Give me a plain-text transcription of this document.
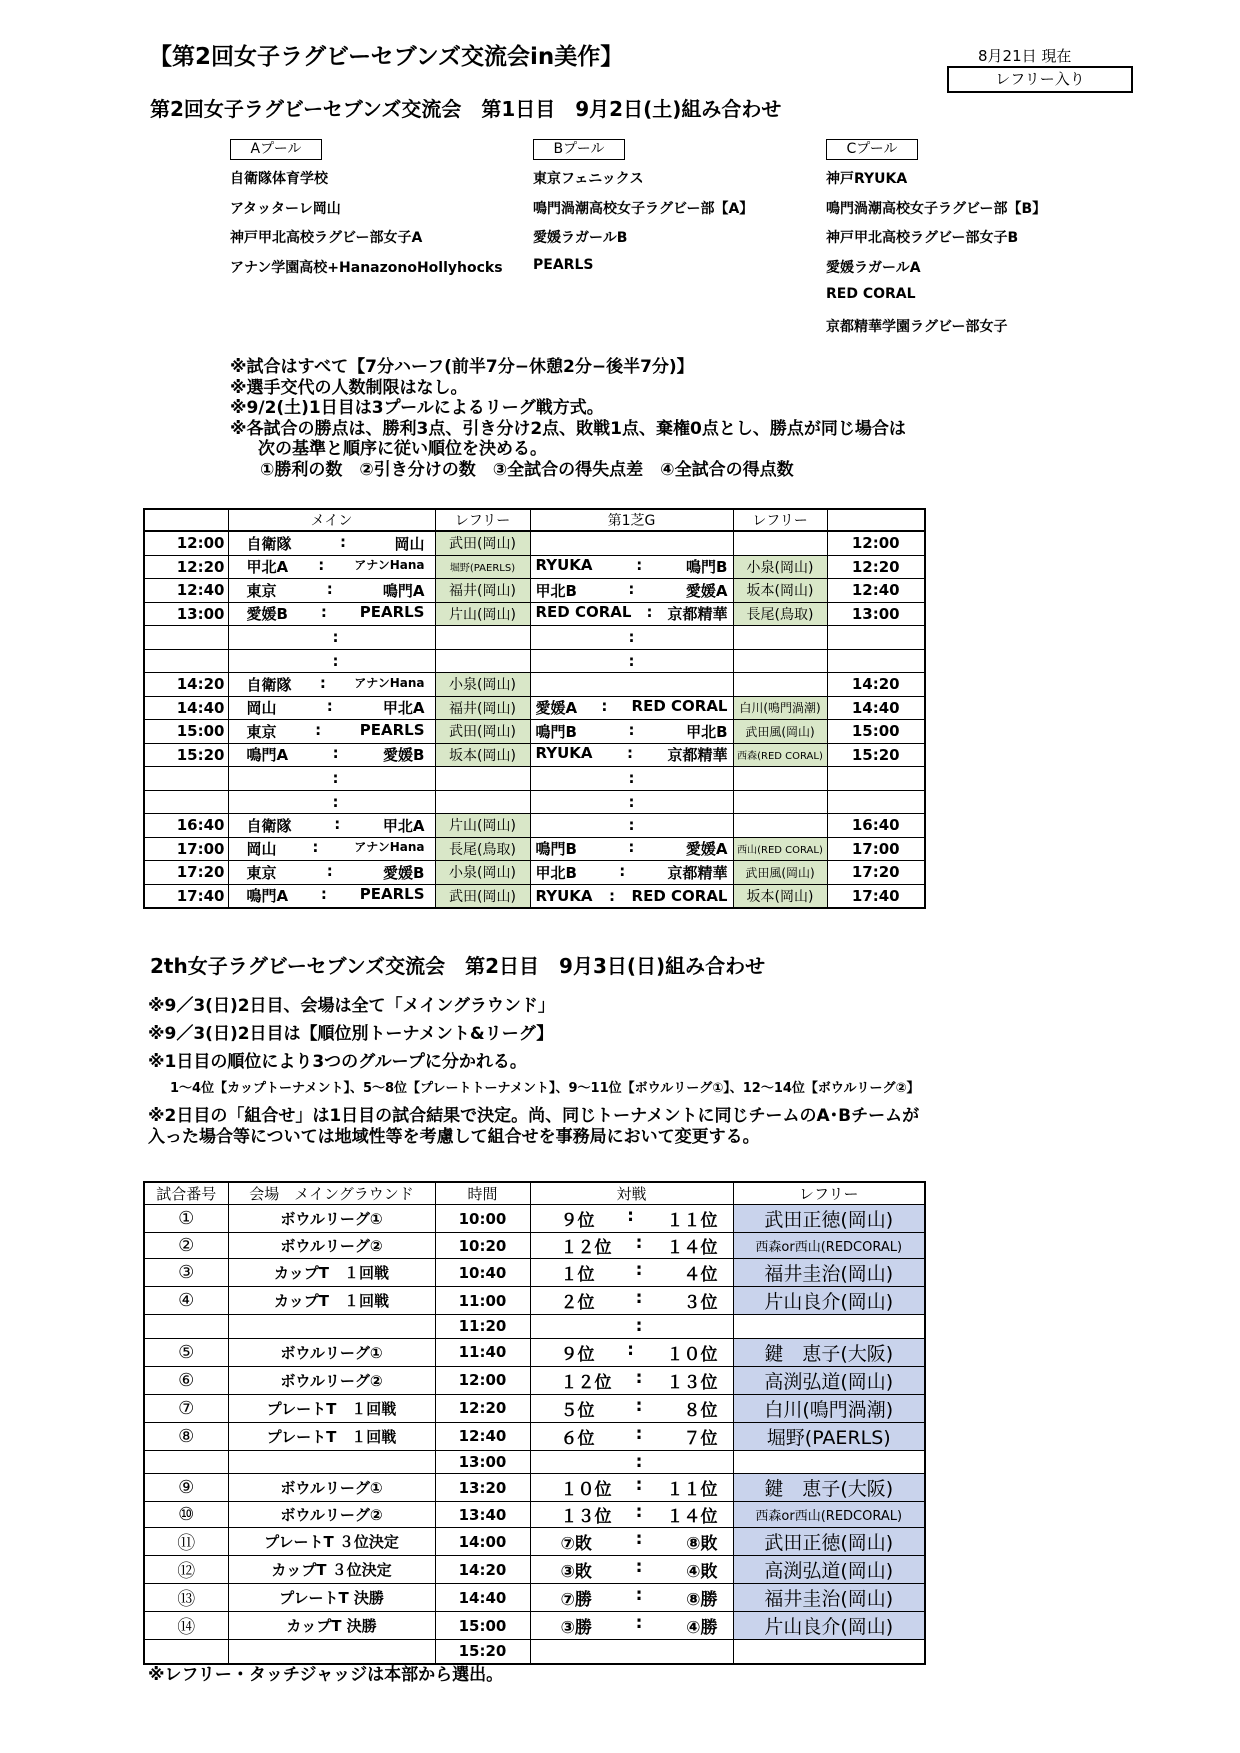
【第2回女子ラグビーセブンズ交流会in美作】	8月21日 現在
レフリー入り
第2回女子ラグビーセブンズ交流会　第1日目　9月2日(土)組み合わせ
Aプール
自衛隊体育学校
アタッターレ岡山
神戸甲北高校ラグビー部女子A
アナン学園高校+HanazonoHollyhocks
Bプール
東京フェニックス
鳴門渦潮高校女子ラグビー部【A】
愛媛ラガールB
PEARLS
Cプール
神戸RYUKA
鳴門渦潮高校女子ラグビー部【B】
神戸甲北高校ラグビー部女子B
愛媛ラガールA
RED CORAL
京都精華学園ラグビー部女子
※試合はすべて【7分ハーフ(前半7分−休憩2分−後半7分)】
※選手交代の人数制限はなし。
※9/2(土)1日目は3プールによるリーグ戦方式。
※各試合の勝点は、勝利3点、引き分け2点、敗戦1点、棄権0点とし、勝点が同じ場合は
次の基準と順序に従い順位を決める。
①勝利の数　②引き分けの数　③全試合の得失点差　④全試合の得点数
	メイン	レフリー	第1芝G	レフリー	
12:00	自衛隊 : 岡山	武田(岡山)			12:00
12:20	甲北A : アナンHana	堀野(PAERLS)	RYUKA : 鳴門B	小泉(岡山)	12:20
12:40	東京 : 鳴門A	福井(岡山)	甲北B : 愛媛A	坂本(岡山)	12:40
13:00	愛媛B : PEARLS	片山(岡山)	RED CORAL : 京都精華	長尾(鳥取)	13:00

	:		:		

	:		:		

14:20	自衛隊 : アナンHana	小泉(岡山)			14:20
14:40	岡山 : 甲北A	福井(岡山)	愛媛A : RED CORAL	白川(鳴門渦潮)	14:40
15:00	東京 : PEARLS	武田(岡山)	鳴門B : 甲北B	武田風(岡山)	15:00
15:20	鳴門A : 愛媛B	坂本(岡山)	RYUKA : 京都精華	西森(RED CORAL)	15:20

	:		:		

	:		:		

16:40	自衛隊 : 甲北A	片山(岡山)	:		16:40
17:00	岡山 : アナンHana	長尾(鳥取)	鳴門B : 愛媛A	西山(RED CORAL)	17:00
17:20	東京 : 愛媛B	小泉(岡山)	甲北B : 京都精華	武田風(岡山)	17:20
17:40	鳴門A : PEARLS	武田(岡山)	RYUKA : RED CORAL	坂本(岡山)	17:40
2th女子ラグビーセブンズ交流会　第2日目　9月3日(日)組み合わせ
※9／3(日)2日目、会場は全て「メイングラウンド」
※9／3(日)2日目は【順位別トーナメント&リーグ】
※1日目の順位により3つのグループに分かれる。
1～4位【カップトーナメント】、5～8位【プレートトーナメント】、9～11位【ボウルリーグ①】、12～14位【ボウルリーグ②】
※2日目の「組合せ」は1日目の試合結果で決定。尚、同じトーナメントに同じチームのA･Bチームが
入った場合等については地域性等を考慮して組合せを事務局において変更する。
試合番号	会場　メイングラウンド	時間	対戦	レフリー
①	ボウルリーグ①	10:00	９位 : １１位	武田正徳(岡山)
②	ボウルリーグ②	10:20	１２位 : １４位	西森or西山(REDCORAL)
③	カップT　１回戦	10:40	１位 : ４位	福井圭治(岡山)
④	カップT　１回戦	11:00	２位 : ３位	片山良介(岡山)
		11:20	:	

⑤	ボウルリーグ①	11:40	９位 : １０位	鍵　恵子(大阪)
⑥	ボウルリーグ②	12:00	１２位 : １３位	高渕弘道(岡山)
⑦	プレートT　１回戦	12:20	５位 : ８位	白川(鳴門渦潮)
⑧	プレートT　１回戦	12:40	６位 : ７位	堀野(PAERLS)
		13:00	:	

⑨	ボウルリーグ①	13:20	１０位 : １１位	鍵　恵子(大阪)
⑩	ボウルリーグ②	13:40	１３位 : １４位	西森or西山(REDCORAL)
⑪	プレートT ３位決定	14:00	⑦敗 : ⑧敗	武田正徳(岡山)
⑫	カップT ３位決定	14:20	③敗 : ④敗	高渕弘道(岡山)
⑬	プレートT 決勝	14:40	⑦勝 : ⑧勝	福井圭治(岡山)
⑭	カップT 決勝	15:00	③勝 : ④勝	片山良介(岡山)
		15:20	

※レフリー・タッチジャッジは本部から選出。
